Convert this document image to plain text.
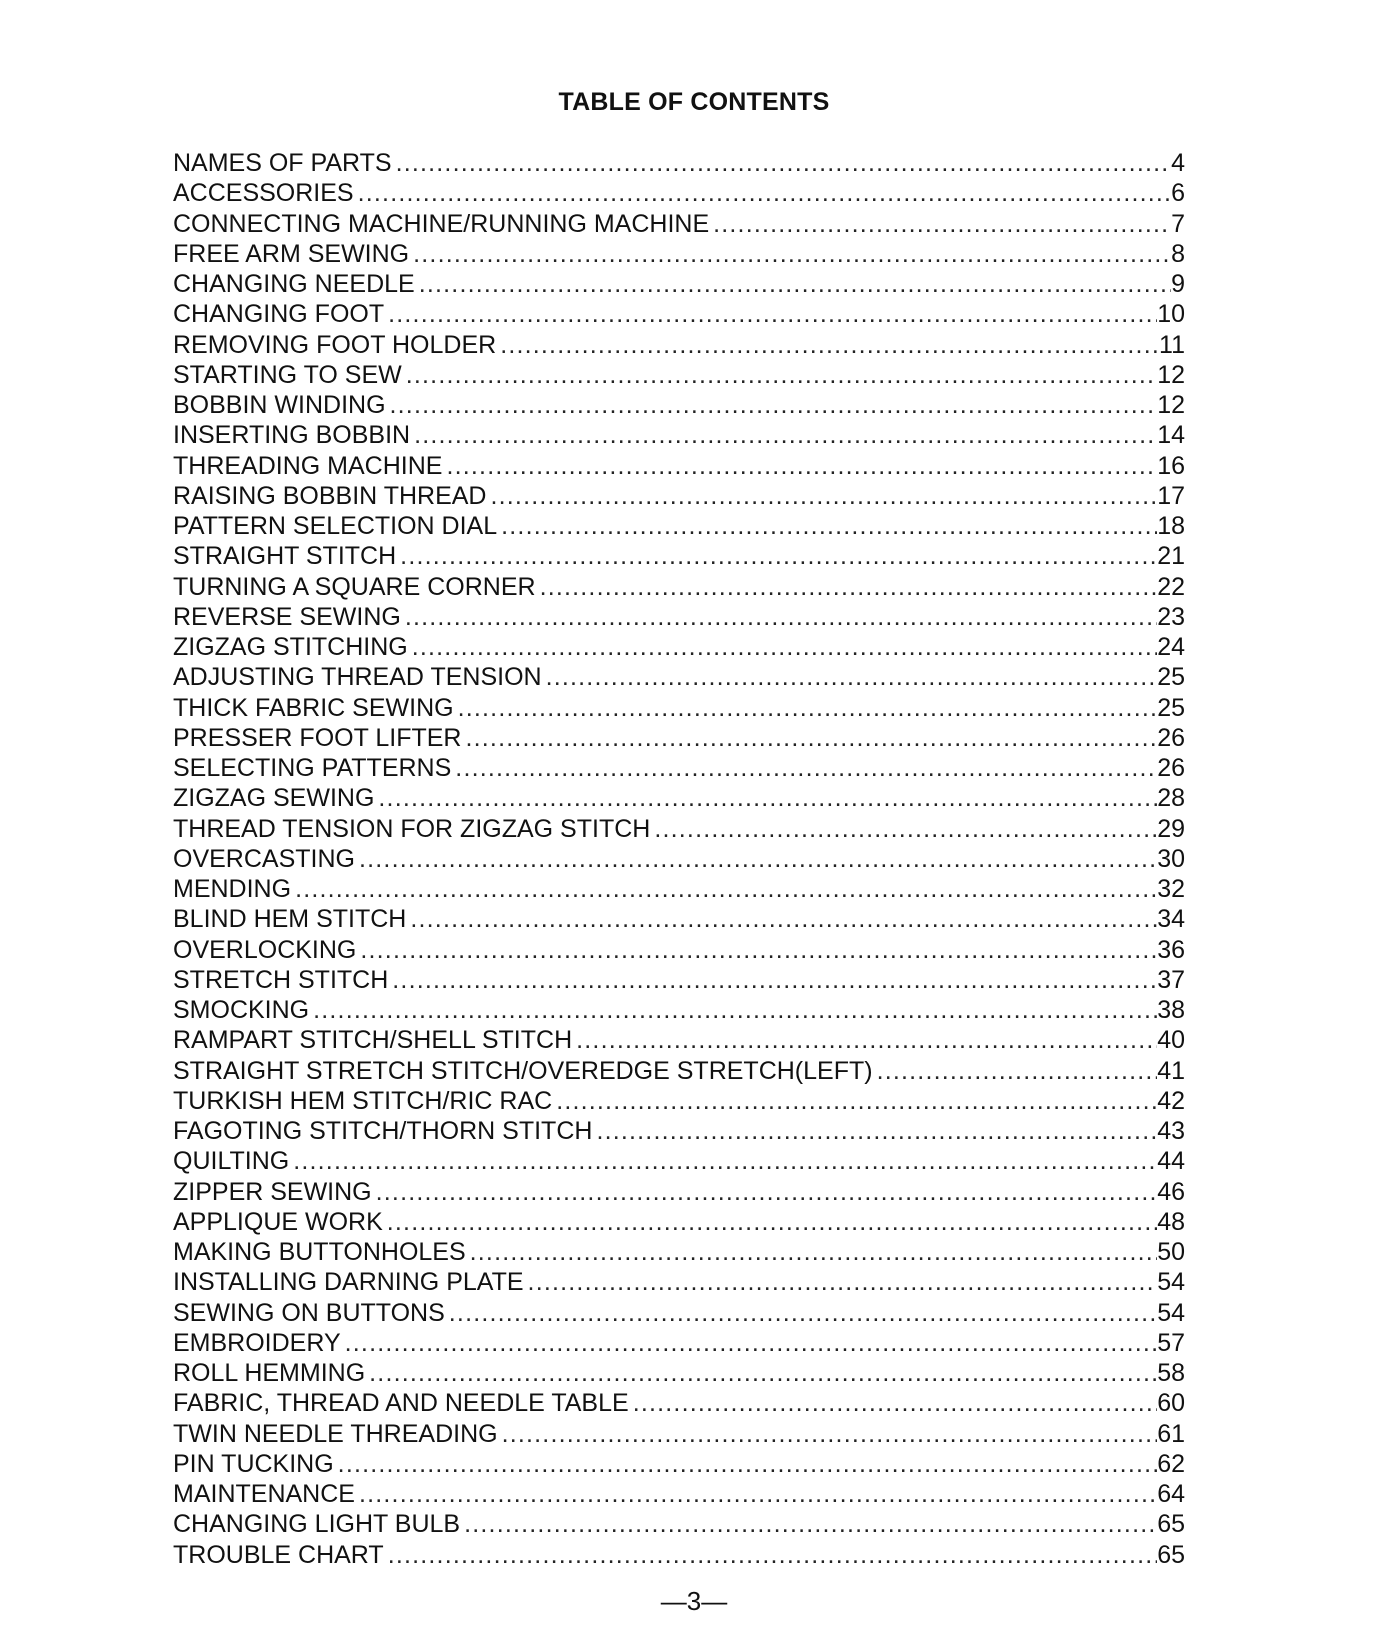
TABLE OF CONTENTS
NAMES OF PARTS .....	4
ACCESSORIES .....	6
CONNECTING MACHINE/RUNNING MACHINE .....	7
FREE ARM SEWING .....	8
CHANGING NEEDLE .....	9
CHANGING FOOT .....	10
REMOVING FOOT HOLDER .....	11
STARTING TO SEW .....	12
BOBBIN WINDING .....	12
INSERTING BOBBIN .....	14
THREADING MACHINE .....	16
RAISING BOBBIN THREAD .....	17
PATTERN SELECTION DIAL .....	18
STRAIGHT STITCH .....	21
TURNING A SQUARE CORNER .....	22
REVERSE SEWING .....	23
ZIGZAG STITCHING .....	24
ADJUSTING THREAD TENSION .....	25
THICK FABRIC SEWING .....	25
PRESSER FOOT LIFTER .....	26
SELECTING PATTERNS .....	26
ZIGZAG SEWING .....	28
THREAD TENSION FOR ZIGZAG STITCH .....	29
OVERCASTING .....	30
MENDING .....	32
BLIND HEM STITCH .....	34
OVERLOCKING .....	36
STRETCH STITCH .....	37
SMOCKING .....	38
RAMPART STITCH/SHELL STITCH .....	40
STRAIGHT STRETCH STITCH/OVEREDGE STRETCH(LEFT) .....	41
TURKISH HEM STITCH/RIC RAC .....	42
FAGOTING STITCH/THORN STITCH .....	43
QUILTING .....	44
ZIPPER SEWING .....	46
APPLIQUE WORK .....	48
MAKING BUTTONHOLES .....	50
INSTALLING DARNING PLATE .....	54
SEWING ON BUTTONS .....	54
EMBROIDERY .....	57
ROLL HEMMING .....	58
FABRIC, THREAD AND NEEDLE TABLE .....	60
TWIN NEEDLE THREADING .....	61
PIN TUCKING .....	62
MAINTENANCE .....	64
CHANGING LIGHT BULB .....	65
TROUBLE CHART .....	65
—3—
